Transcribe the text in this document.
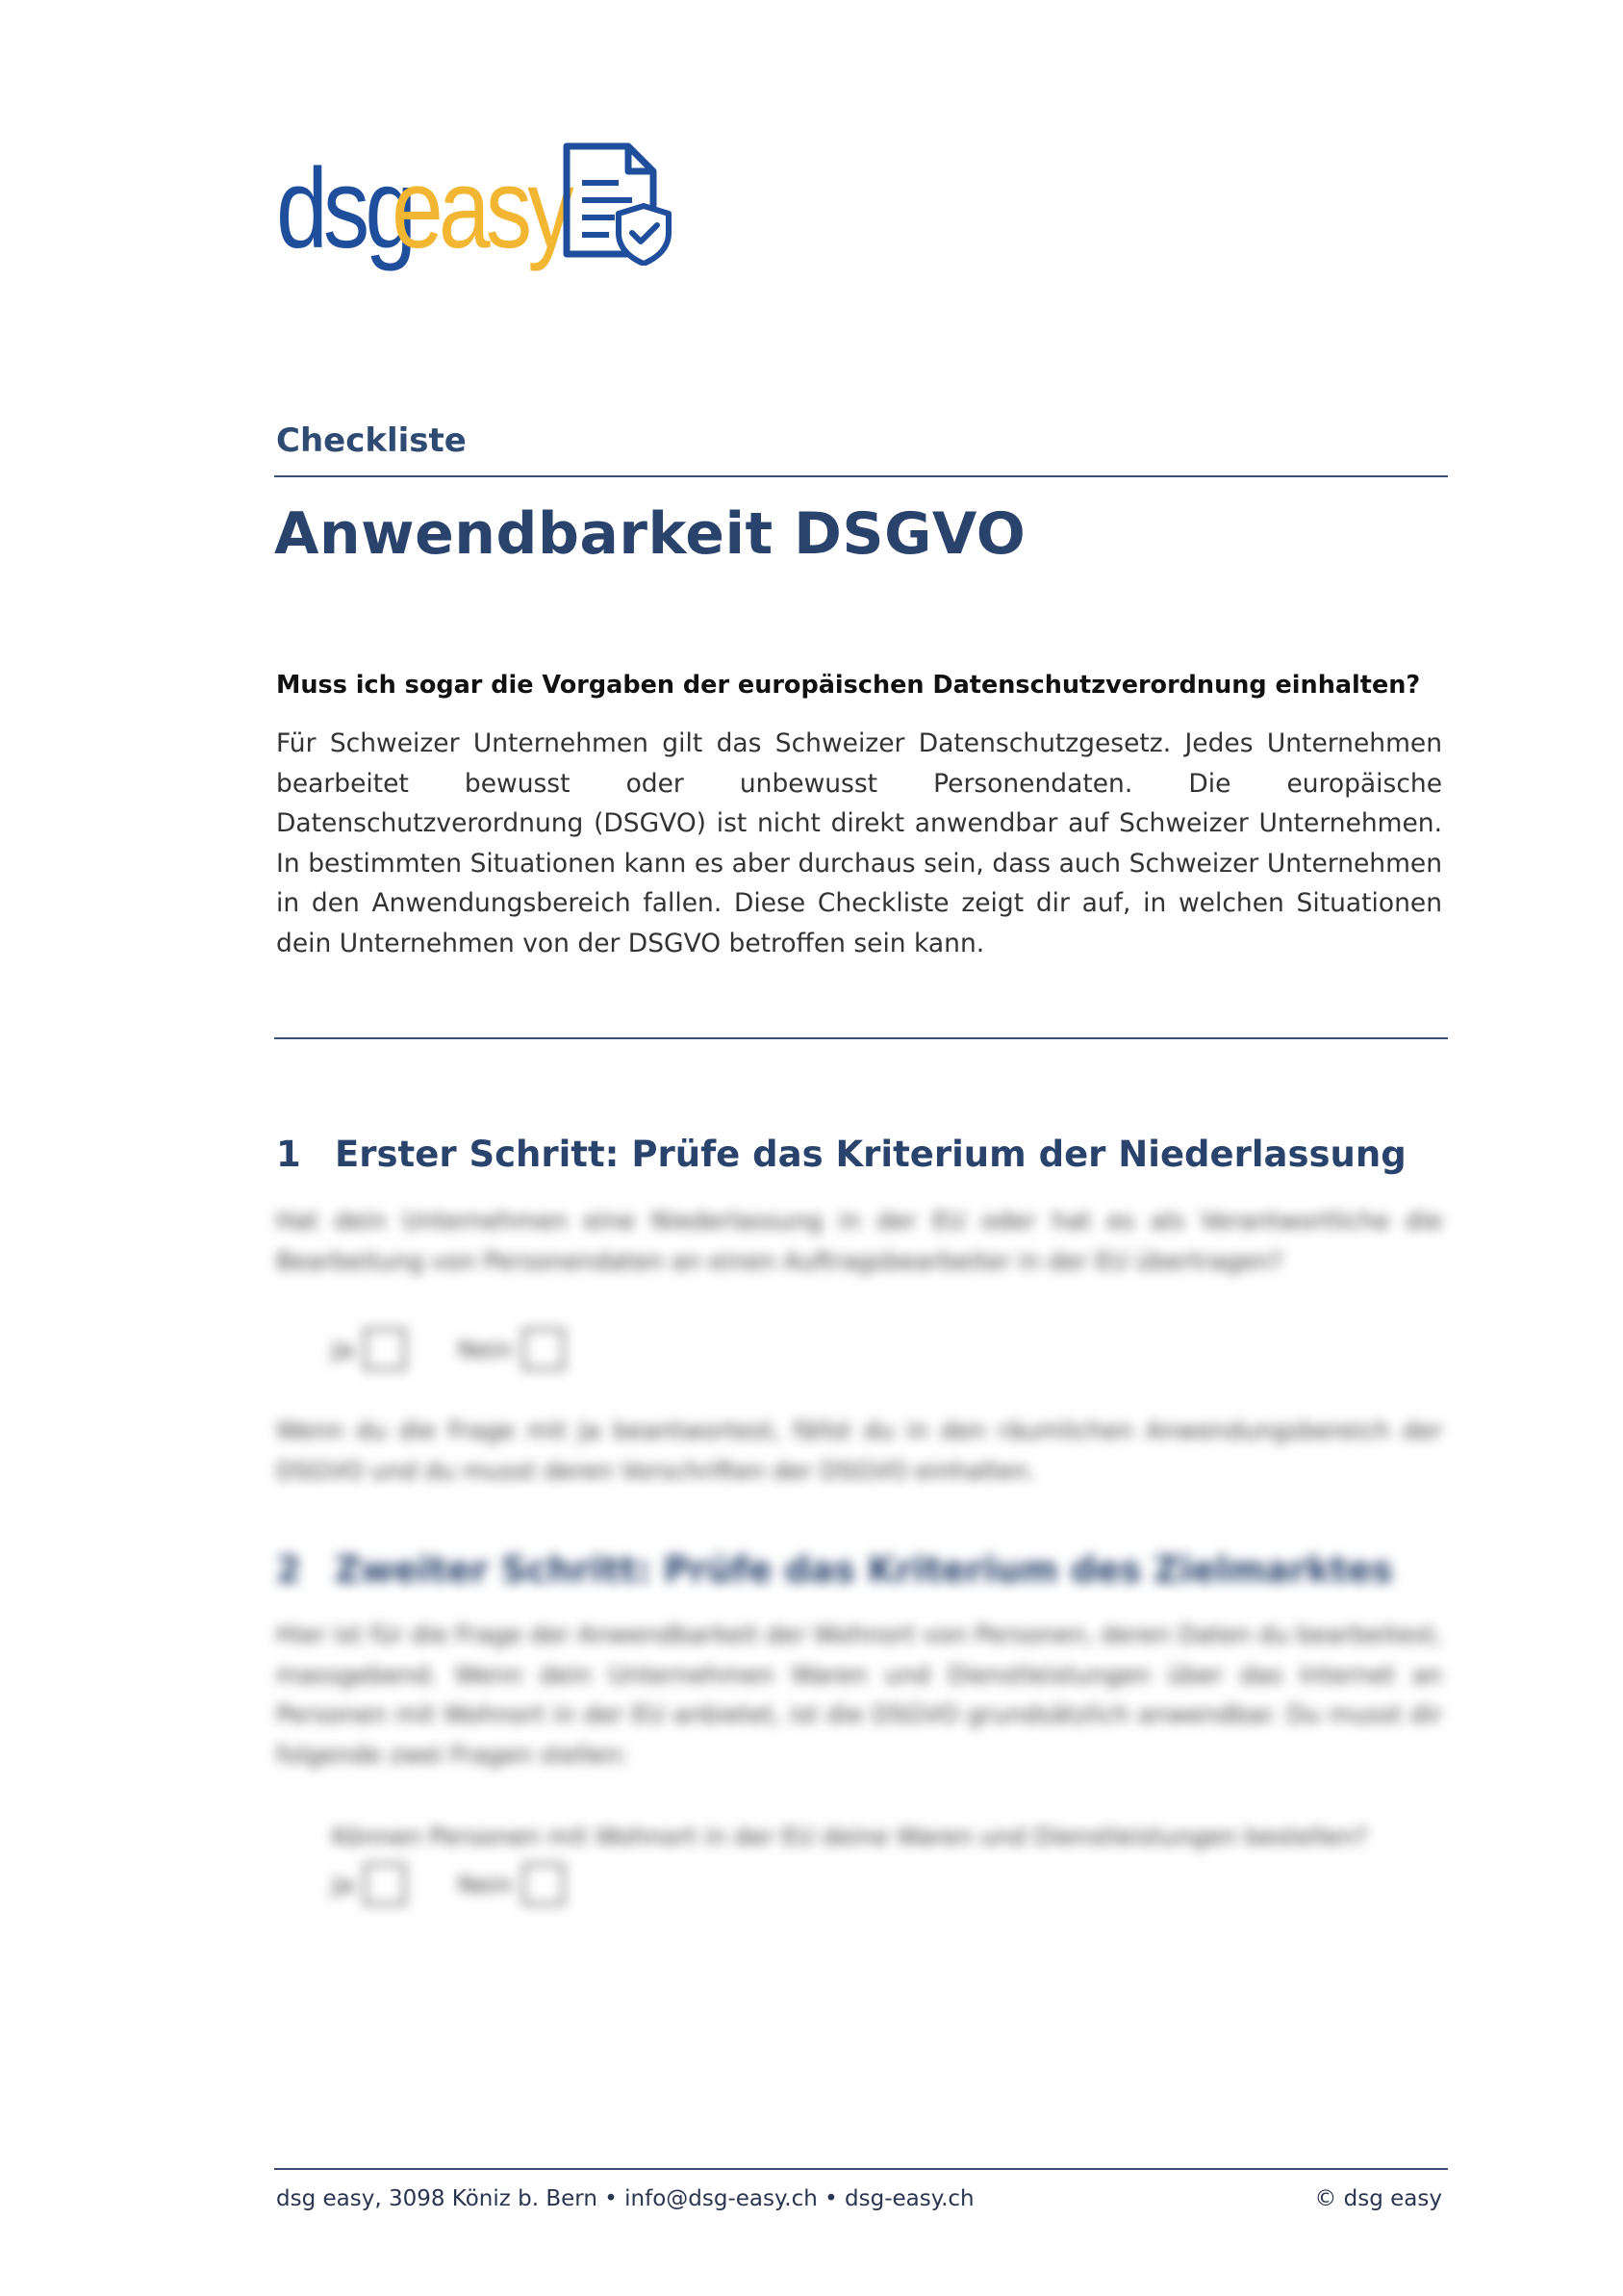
dsg
easy
Checkliste
Anwendbarkeit DSGVO
Muss ich sogar die Vorgaben der europäischen Datenschutzverordnung einhalten?
Für Schweizer Unternehmen gilt das Schweizer Datenschutzgesetz. Jedes Unternehmen bearbeitet bewusst oder unbewusst Personendaten. Die europäische Datenschutzverordnung (DSGVO) ist nicht direkt anwendbar auf Schweizer Unternehmen. In bestimmten Situationen kann es aber durchaus sein, dass auch Schweizer Unternehmen in den Anwendungsbereich fallen. Diese Checkliste zeigt dir auf, in welchen Situationen dein Unternehmen von der DSGVO betroffen sein kann.
1 Erster Schritt: Prüfe das Kriterium der Niederlassung
Hat dein Unternehmen eine Niederlassung in der EU oder hat es als Verantwortliche die Bearbeitung von Personendaten an einen Auftragsbearbeiter in der EU übertragen?
Ja	Nein
Wenn du die Frage mit Ja beantwortest, fällst du in den räumlichen Anwendungsbereich der DSGVO und du musst deren Vorschriften der DSGVO einhalten.
2 Zweiter Schritt: Prüfe das Kriterium des Zielmarktes
Hier ist für die Frage der Anwendbarkeit der Wohnort von Personen, deren Daten du bearbeitest, massgebend. Wenn dein Unternehmen Waren und Dienstleistungen über das Internet an Personen mit Wohnort in der EU anbietet, ist die DSGVO grundsätzlich anwendbar. Du musst dir folgende zwei Fragen stellen:
Können Personen mit Wohnort in der EU deine Waren und Dienstleistungen bestellen?
Ja	Nein
dsg easy, 3098 Köniz b. Bern • info@dsg-easy.ch • dsg-easy.ch	© dsg easy
